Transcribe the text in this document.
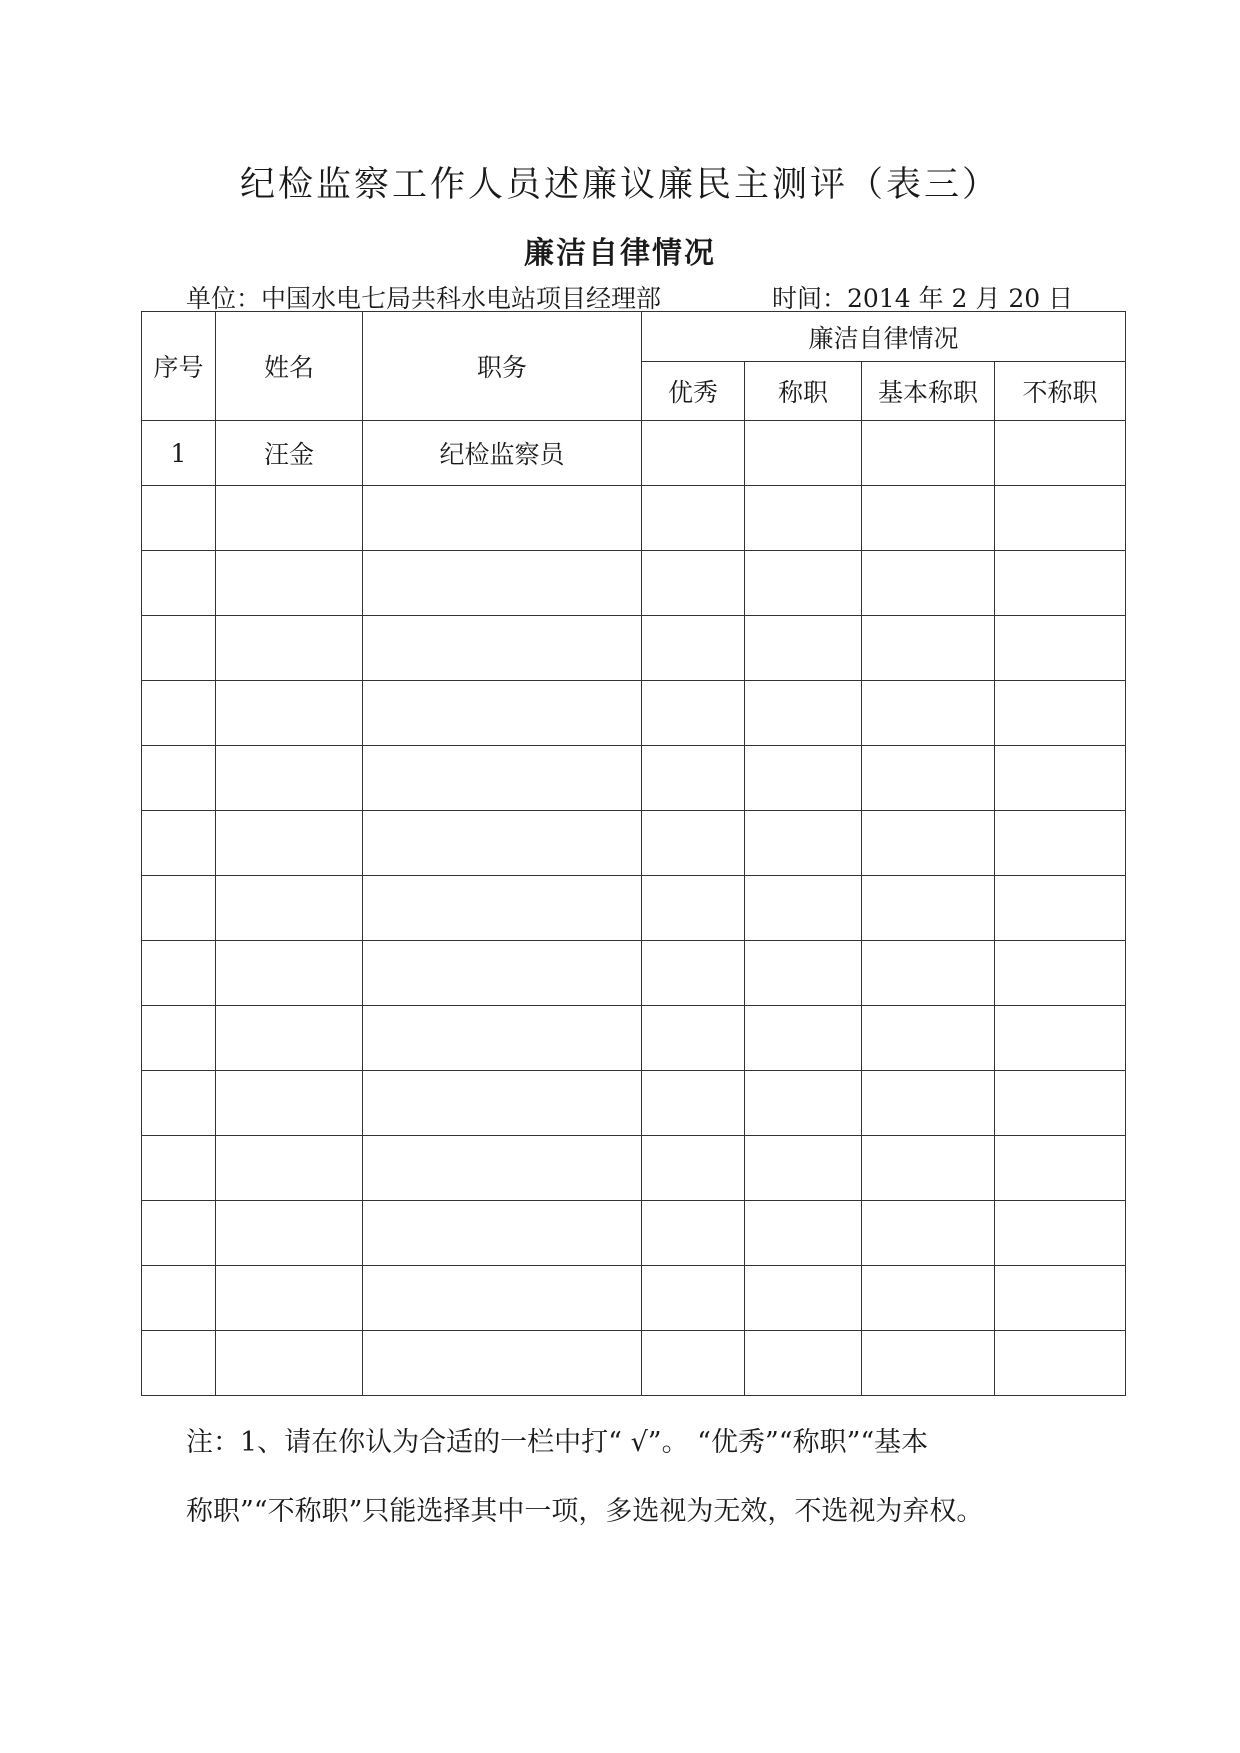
纪检监察工作人员述廉议廉民主测评（表三）
廉洁自律情况
单位：中国水电七局共科水电站项目经理部	时间：2014 年 2 月 20 日
序号	姓名	职务	廉洁自律情况			
			优秀	称职	基本称职	不称职
1	汪金	纪检监察员				

注：1、请在你认为合适的一栏中打“ √”。 “优秀”“称职”“基本
称职”“不称职”只能选择其中一项，多选视为无效，不选视为弃权。
